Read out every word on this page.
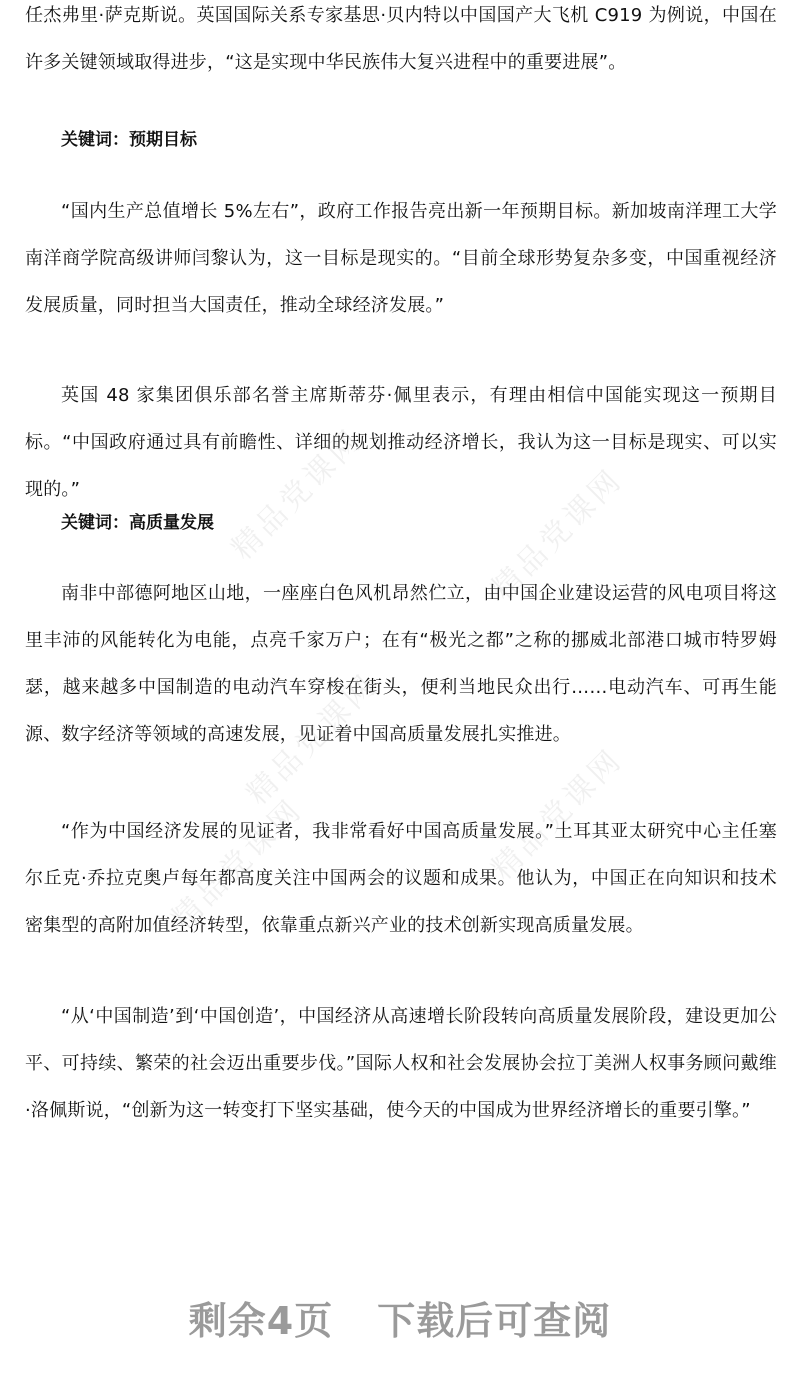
任杰弗里·萨克斯说。英国国际关系专家基思·贝内特以中国国产大飞机 C919 为例说，中国在许多关键领域取得进步，“这是实现中华民族伟大复兴进程中的重要进展”。

关键词：预期目标

“国内生产总值增长 5%左右”，政府工作报告亮出新一年预期目标。新加坡南洋理工大学南洋商学院高级讲师闫黎认为，这一目标是现实的。“目前全球形势复杂多变，中国重视经济发展质量，同时担当大国责任，推动全球经济发展。”

英国 48 家集团俱乐部名誉主席斯蒂芬·佩里表示，有理由相信中国能实现这一预期目标。“中国政府通过具有前瞻性、详细的规划推动经济增长，我认为这一目标是现实、可以实现的。”

关键词：高质量发展

南非中部德阿地区山地，一座座白色风机昂然伫立，由中国企业建设运营的风电项目将这里丰沛的风能转化为电能，点亮千家万户；在有“极光之都”之称的挪威北部港口城市特罗姆瑟，越来越多中国制造的电动汽车穿梭在街头，便利当地民众出行……电动汽车、可再生能源、数字经济等领域的高速发展，见证着中国高质量发展扎实推进。

“作为中国经济发展的见证者，我非常看好中国高质量发展。”土耳其亚太研究中心主任塞尔丘克·乔拉克奥卢每年都高度关注中国两会的议题和成果。他认为，中国正在向知识和技术密集型的高附加值经济转型，依靠重点新兴产业的技术创新实现高质量发展。

“从‘中国制造’到‘中国创造’，中国经济从高速增长阶段转向高质量发展阶段，建设更加公平、可持续、繁荣的社会迈出重要步伐。”国际人权和社会发展协会拉丁美洲人权事务顾问戴维·洛佩斯说，“创新为这一转变打下坚实基础，使今天的中国成为世界经济增长的重要引擎。”

精品党课网	精品党课网
精品党课网
精品党课网
精品党课网
剩余4页 下载后可查阅
